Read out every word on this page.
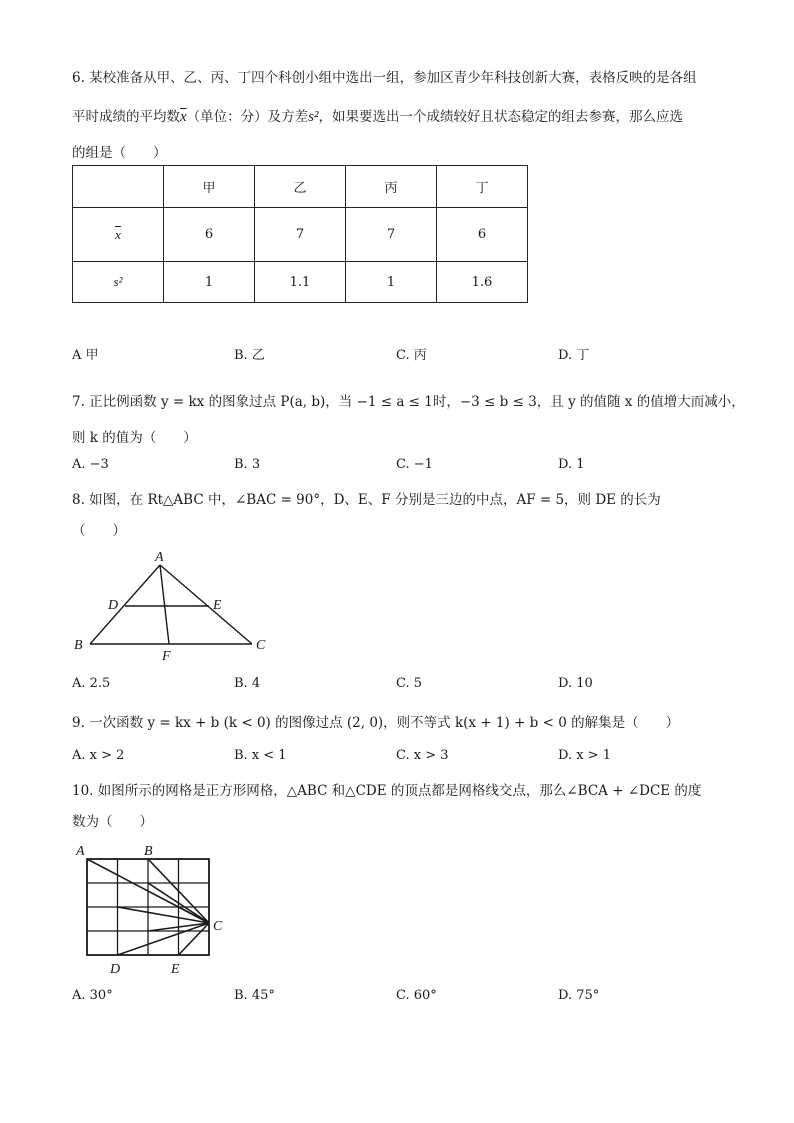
6. 某校准备从甲、乙、丙、丁四个科创小组中选出一组，参加区青少年科技创新大赛，表格反映的是各组
平时成绩的平均数$\overline{x}$（单位：分）及方差s²，如果要选出一个成绩较好且状态稳定的组去参赛，那么应选
的组是（　　）
	甲	乙	丙	丁
$\overline{x}$	6	7	7	6
s²	1	1.1	1	1.6
A 甲	B. 乙	C. 丙	D. 丁
7. 正比例函数 y = kx 的图象过点 P(a, b)，当 −1 ≤ a ≤ 1时，−3 ≤ b ≤ 3，且 y 的值随 x 的值增大而减小，
则 k 的值为（　　）
A. −3	B. 3	C. −1	D. 1
8. 如图，在 Rt△ABC 中，∠BAC = 90°，D、E、F 分别是三边的中点，AF = 5，则 DE 的长为
（　　）
A
D	E
B	C
F
A. 2.5	B. 4	C. 5	D. 10
9. 一次函数 y = kx + b (k < 0) 的图像过点 (2, 0)，则不等式 k(x + 1) + b < 0 的解集是（　　）
A. x > 2	B. x < 1	C. x > 3	D. x > 1
10. 如图所示的网格是正方形网格，△ABC 和△CDE 的顶点都是网格线交点，那么∠BCA + ∠DCE 的度
数为（　　）
A	B
C
D	E
A. 30°	B. 45°	C. 60°	D. 75°
